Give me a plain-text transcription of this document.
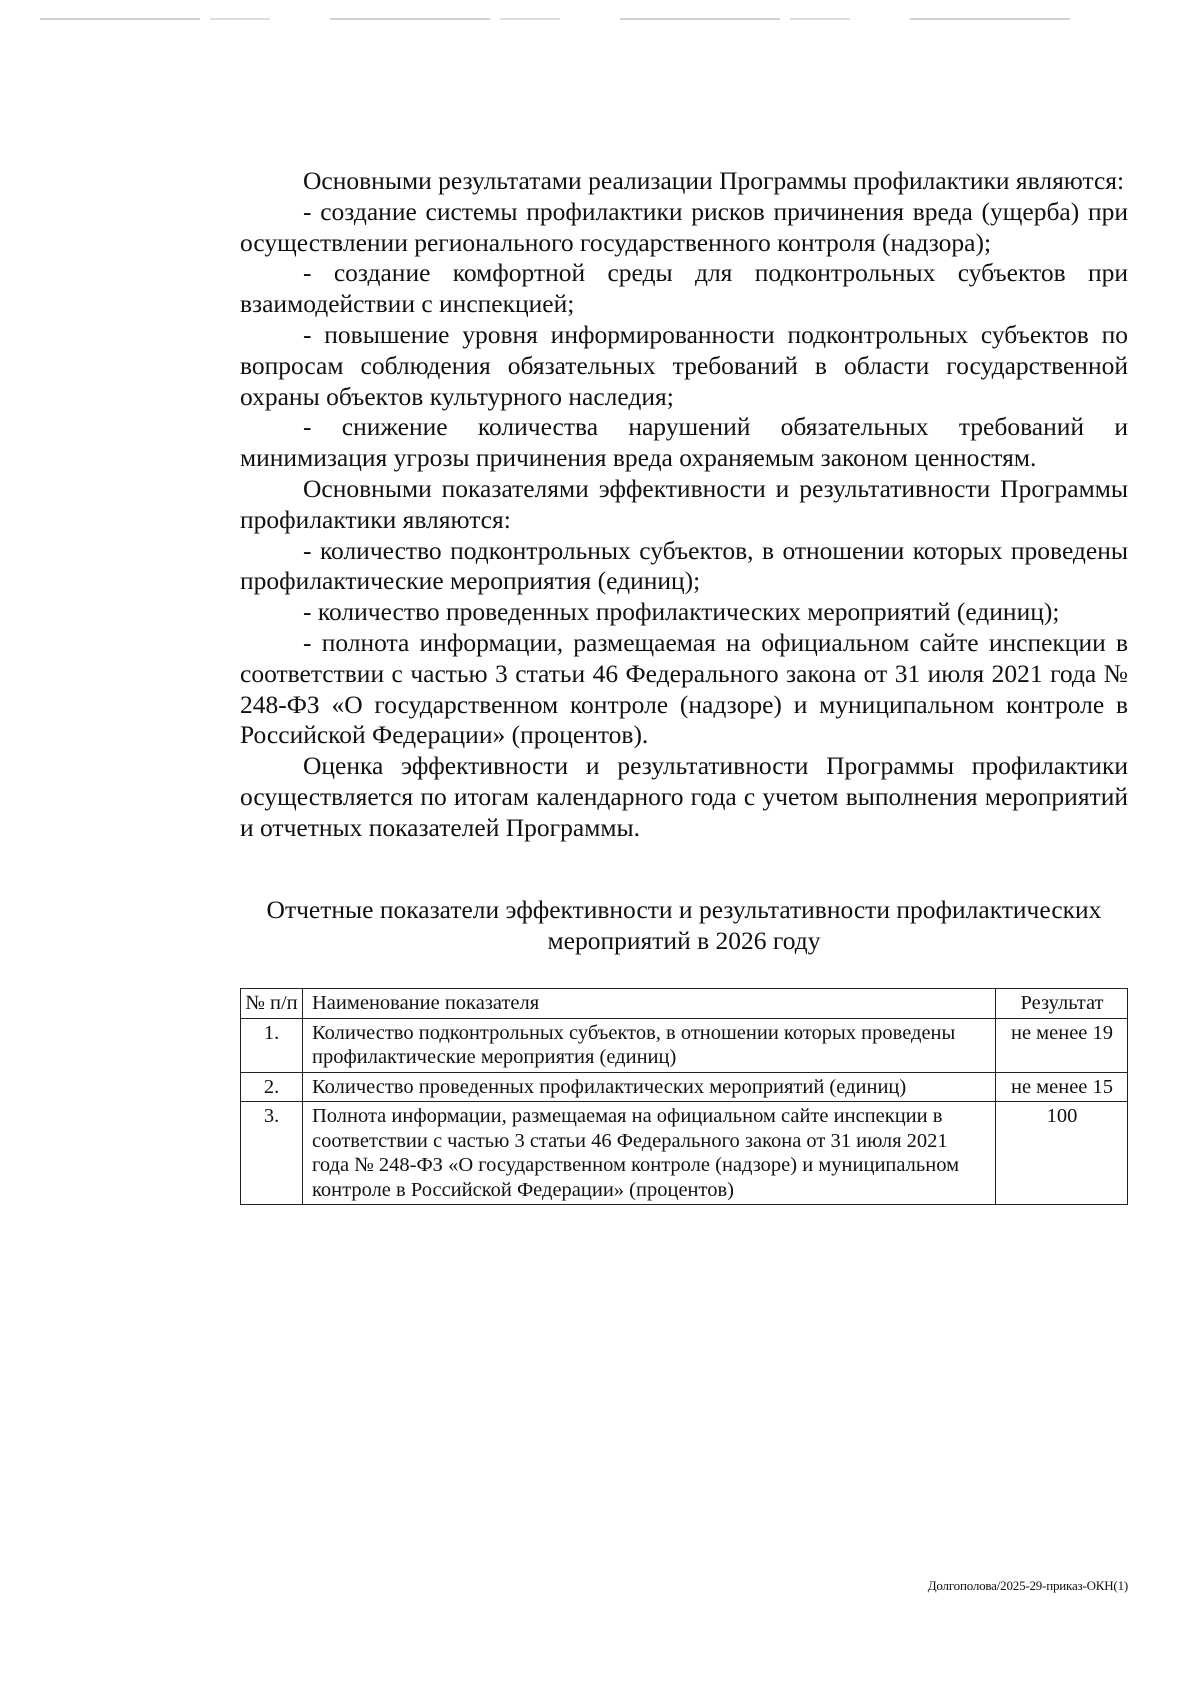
Основными результатами реализации Программы профилактики являются:

- создание системы профилактики рисков причинения вреда (ущерба) при осуществлении регионального государственного контроля (надзора);

- создание комфортной среды для подконтрольных субъектов при взаимодействии с инспекцией;

- повышение уровня информированности подконтрольных субъектов по вопросам соблюдения обязательных требований в области государственной охраны объектов культурного наследия;

- снижение количества нарушений обязательных требований и минимизация угрозы причинения вреда охраняемым законом ценностям.

Основными показателями эффективности и результативности Программы профилактики являются:

- количество подконтрольных субъектов, в отношении которых проведены профилактические мероприятия (единиц);

- количество проведенных профилактических мероприятий (единиц);

- полнота информации, размещаемая на официальном сайте инспекции в соответствии с частью 3 статьи 46 Федерального закона от 31 июля 2021 года № 248-ФЗ «О государственном контроле (надзоре) и муниципальном контроле в Российской Федерации» (процентов).

Оценка эффективности и результативности Программы профилактики осуществляется по итогам календарного года с учетом выполнения мероприятий и отчетных показателей Программы.

Отчетные показатели эффективности и результативности профилактических мероприятий в 2026 году
№ п/п	Наименование показателя	Результат
1.	Количество подконтрольных субъектов, в отношении которых проведены профилактические мероприятия (единиц)	не менее 19
2.	Количество проведенных профилактических мероприятий (единиц)	не менее 15
3.	Полнота информации, размещаемая на официальном сайте инспекции в соответствии с частью 3 статьи 46 Федерального закона от 31 июля 2021 года № 248-ФЗ «О государственном контроле (надзоре) и муниципальном контроле в Российской Федерации» (процентов)	100
Долгополова/2025-29-приказ-ОКН(1)
